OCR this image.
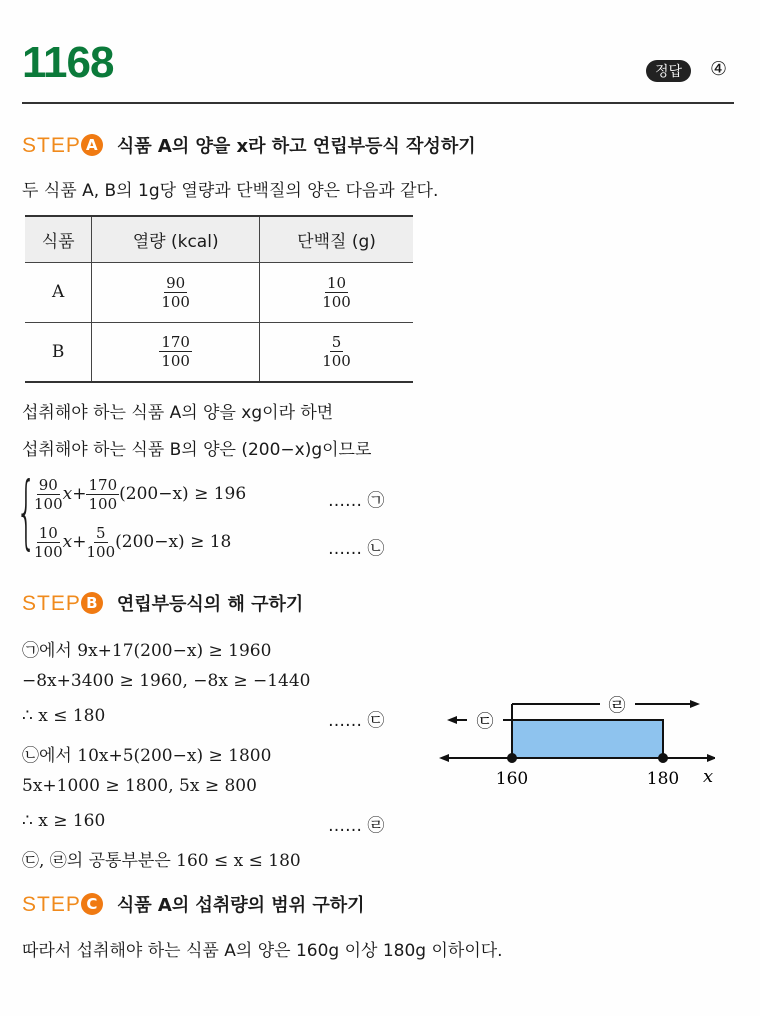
1168	정답	④
STEP A 식품 A의 양을 x라 하고 연립부등식 작성하기
두 식품 A, B의 1g당 열량과 단백질의 양은 다음과 같다.
식품	열량 (kcal)	단백질 (g)
A	$\frac{90}{100}$	$\frac{10}{100}$

B	$\frac{170}{100}$	$\frac{5}{100}$
섭취해야 하는 식품 A의 양을 xg이라 하면
섭취해야 하는 식품 B의 양은 (200−x)g이므로
{
$\frac{90}{100} x+ \frac{170}{100} (200-x) \ge 196$	…… ㉠
$\frac{10}{100} x+ \frac{5}{100} (200-x) \ge 18$	…… ㉡
STEP B 연립부등식의 해 구하기
㉠에서 9x+17(200−x) ≥ 1960
−8x+3400 ≥ 1960, −8x ≥ −1440
∴ x ≤ 180	…… ㉢
㉡에서 10x+5(200−x) ≥ 1800
5x+1000 ≥ 1800, 5x ≥ 800
∴ x ≥ 160	…… ㉣
㉢, ㉣의 공통부분은 160 ≤ x ≤ 180
㉣
㉢
160	180 x
STEP C 식품 A의 섭취량의 범위 구하기
따라서 섭취해야 하는 식품 A의 양은 160g 이상 180g 이하이다.
